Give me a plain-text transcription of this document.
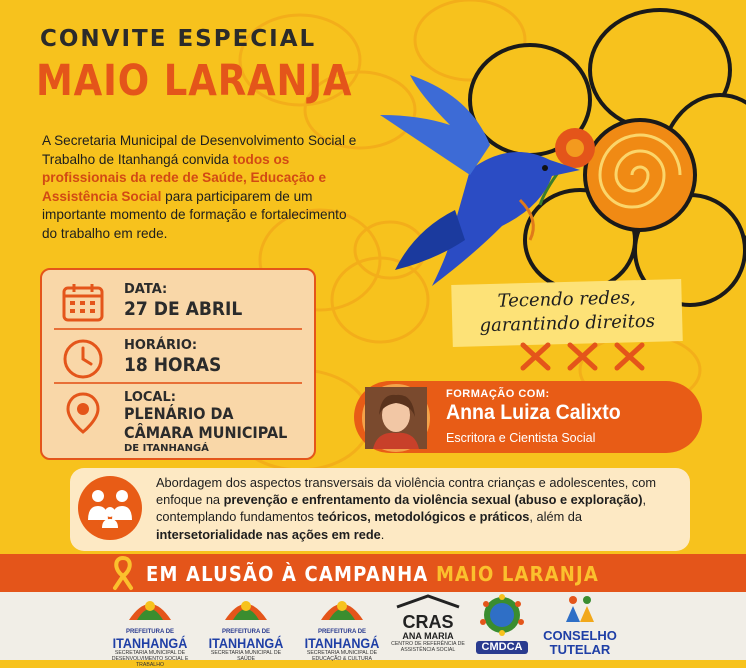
CONVITE ESPECIAL
MAIO LARANJA
A Secretaria Municipal de Desenvolvimento Social e Trabalho de Itanhangá convida todos os profissionais da rede de Saúde, Educação e Assistência Social para participarem de um importante momento de formação e fortalecimento do trabalho em rede.
DATA:
27 DE ABRIL
HORÁRIO:
18 HORAS
LOCAL:
PLENÁRIO DA
CÂMARA MUNICIPAL
DE ITANHANGÁ
Tecendo redes,
garantindo direitos
FORMAÇÃO COM:
Anna Luiza Calixto
Escritora e Cientista Social
Abordagem dos aspectos transversais da violência contra crianças e adolescentes, com enfoque na prevenção e enfrentamento da violência sexual (abuso e exploração), contemplando fundamentos teóricos, metodológicos e práticos, além da intersetorialidade nas ações em rede.
EM ALUSÃO À CAMPANHA MAIO LARANJA
PREFEITURA DE
ITANHANGÁ
SECRETARIA MUNICIPAL DE DESENVOLVIMENTO SOCIAL E TRABALHO
PREFEITURA DE
ITANHANGÁ
SECRETARIA MUNICIPAL DE SAÚDE
PREFEITURA DE
ITANHANGÁ
SECRETARIA MUNICIPAL DE EDUCAÇÃO & CULTURA
CRAS
ANA MARIA
CENTRO DE REFERÊNCIA DE ASSISTÊNCIA SOCIAL	CMDCA
CONSELHO
TUTELAR
